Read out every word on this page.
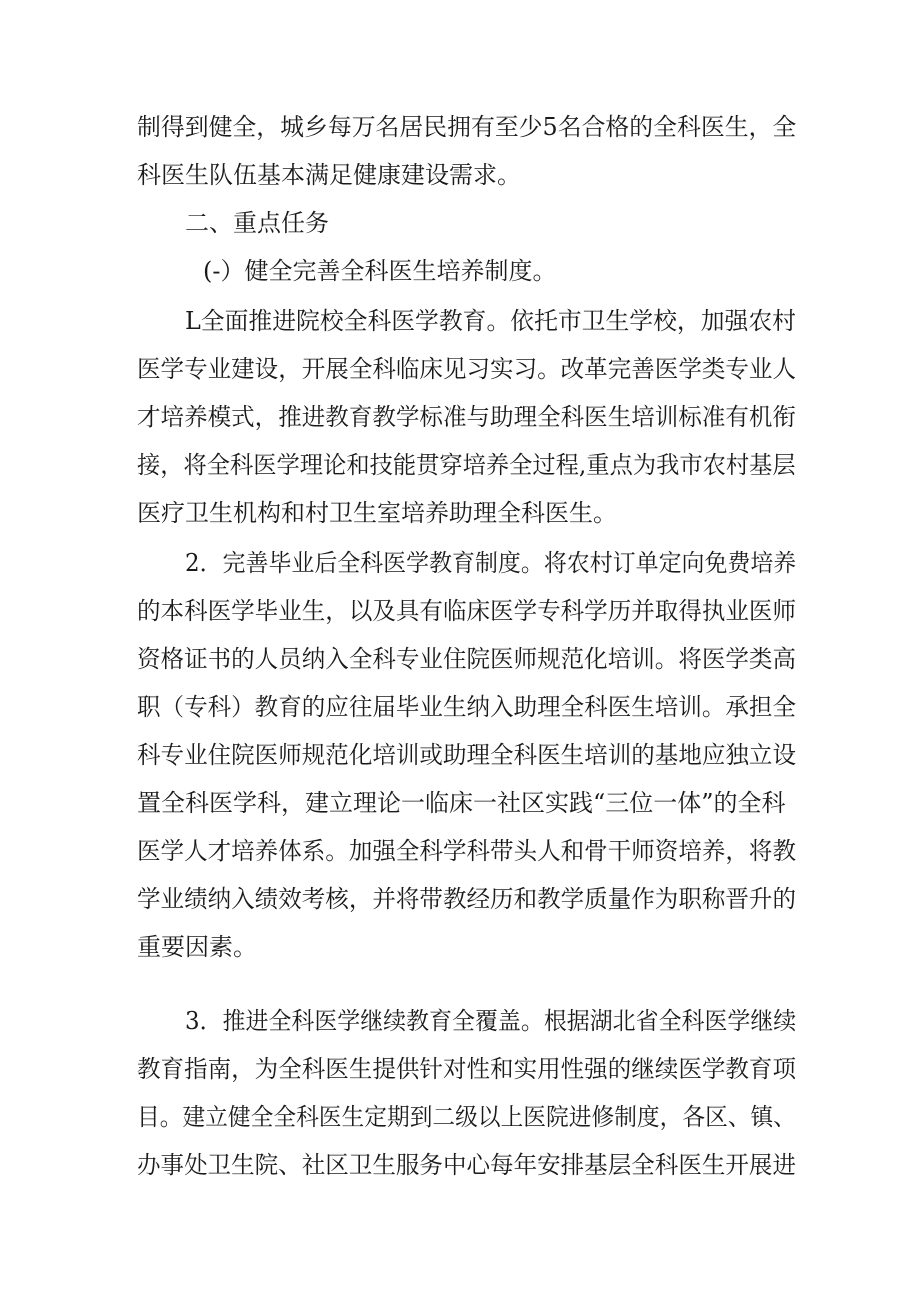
制得到健全，城乡每万名居民拥有至少5名合格的全科医生，全
科医生队伍基本满足健康建设需求。
二、重点任务
(-）健全完善全科医生培养制度。
L全面推进院校全科医学教育。依托市卫生学校，加强农村
医学专业建设，开展全科临床见习实习。改革完善医学类专业人
才培养模式，推进教育教学标准与助理全科医生培训标准有机衔
接，将全科医学理论和技能贯穿培养全过程,重点为我市农村基层
医疗卫生机构和村卫生室培养助理全科医生。
2．完善毕业后全科医学教育制度。将农村订单定向免费培养
的本科医学毕业生，以及具有临床医学专科学历并取得执业医师
资格证书的人员纳入全科专业住院医师规范化培训。将医学类高
职（专科）教育的应往届毕业生纳入助理全科医生培训。承担全
科专业住院医师规范化培训或助理全科医生培训的基地应独立设
置全科医学科，建立理论一临床一社区实践“三位一体”的全科
医学人才培养体系。加强全科学科带头人和骨干师资培养，将教
学业绩纳入绩效考核，并将带教经历和教学质量作为职称晋升的
重要因素。
3．推进全科医学继续教育全覆盖。根据湖北省全科医学继续
教育指南，为全科医生提供针对性和实用性强的继续医学教育项
目。建立健全全科医生定期到二级以上医院进修制度，各区、镇、
办事处卫生院、社区卫生服务中心每年安排基层全科医生开展进
